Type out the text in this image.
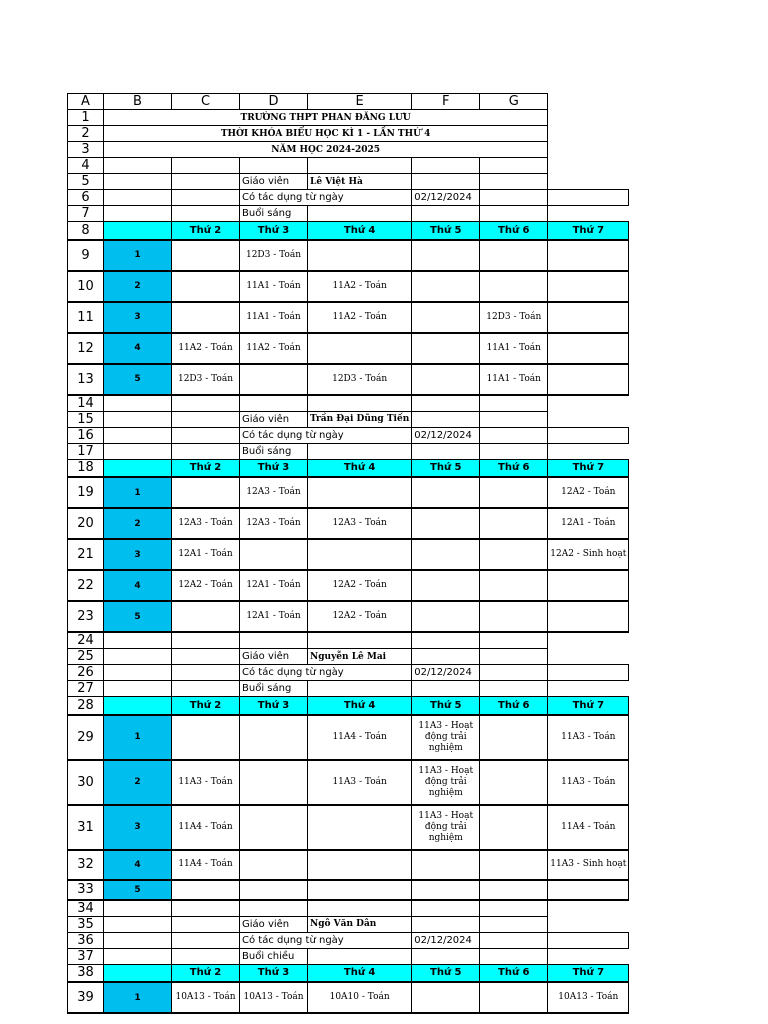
A	B	C	D	E	F	G	
1	TRƯỜNG THPT PHAN ĐĂNG LƯU						
2	THỜI KHÓA BIỂU HỌC KÌ 1 - LẦN THỨ 4						
3	NĂM HỌC 2024-2025						
4							
5			Giáo viên	Lê Việt Hà			
6			Có tác dụng từ ngày		02/12/2024		
7			Buổi sáng				
8		Thứ 2	Thứ 3	Thứ 4	Thứ 5	Thứ 6	Thứ 7
9	1		12D3 - Toán				
10	2		11A1 - Toán	11A2 - Toán			
11	3		11A1 - Toán	11A2 - Toán		12D3 - Toán	
12	4	11A2 - Toán	11A2 - Toán			11A1 - Toán	
13	5	12D3 - Toán		12D3 - Toán		11A1 - Toán	
14							
15			Giáo viên	Trần Đại Dũng Tiến			
16			Có tác dụng từ ngày		02/12/2024		
17			Buổi sáng				
18		Thứ 2	Thứ 3	Thứ 4	Thứ 5	Thứ 6	Thứ 7
19	1		12A3 - Toán				12A2 - Toán
20	2	12A3 - Toán	12A3 - Toán	12A3 - Toán			12A1 - Toán
21	3	12A1 - Toán					12A2 - Sinh hoạt
22	4	12A2 - Toán	12A1 - Toán	12A2 - Toán			
23	5		12A1 - Toán	12A2 - Toán			
24							
25			Giáo viên	Nguyễn Lê Mai			
26			Có tác dụng từ ngày		02/12/2024		
27			Buổi sáng				
28		Thứ 2	Thứ 3	Thứ 4	Thứ 5	Thứ 6	Thứ 7
29	1			11A4 - Toán	11A3 - Hoạt động trải nghiệm		11A3 - Toán
30	2	11A3 - Toán		11A3 - Toán	11A3 - Hoạt động trải nghiệm		11A3 - Toán
31	3	11A4 - Toán			11A3 - Hoạt động trải nghiệm		11A4 - Toán
32	4	11A4 - Toán					11A3 - Sinh hoạt
33	5						
34							
35			Giáo viên	Ngô Văn Dân			
36			Có tác dụng từ ngày		02/12/2024		
37			Buổi chiều				
38		Thứ 2	Thứ 3	Thứ 4	Thứ 5	Thứ 6	Thứ 7
39	1	10A13 - Toán	10A13 - Toán	10A10 - Toán			10A13 - Toán
